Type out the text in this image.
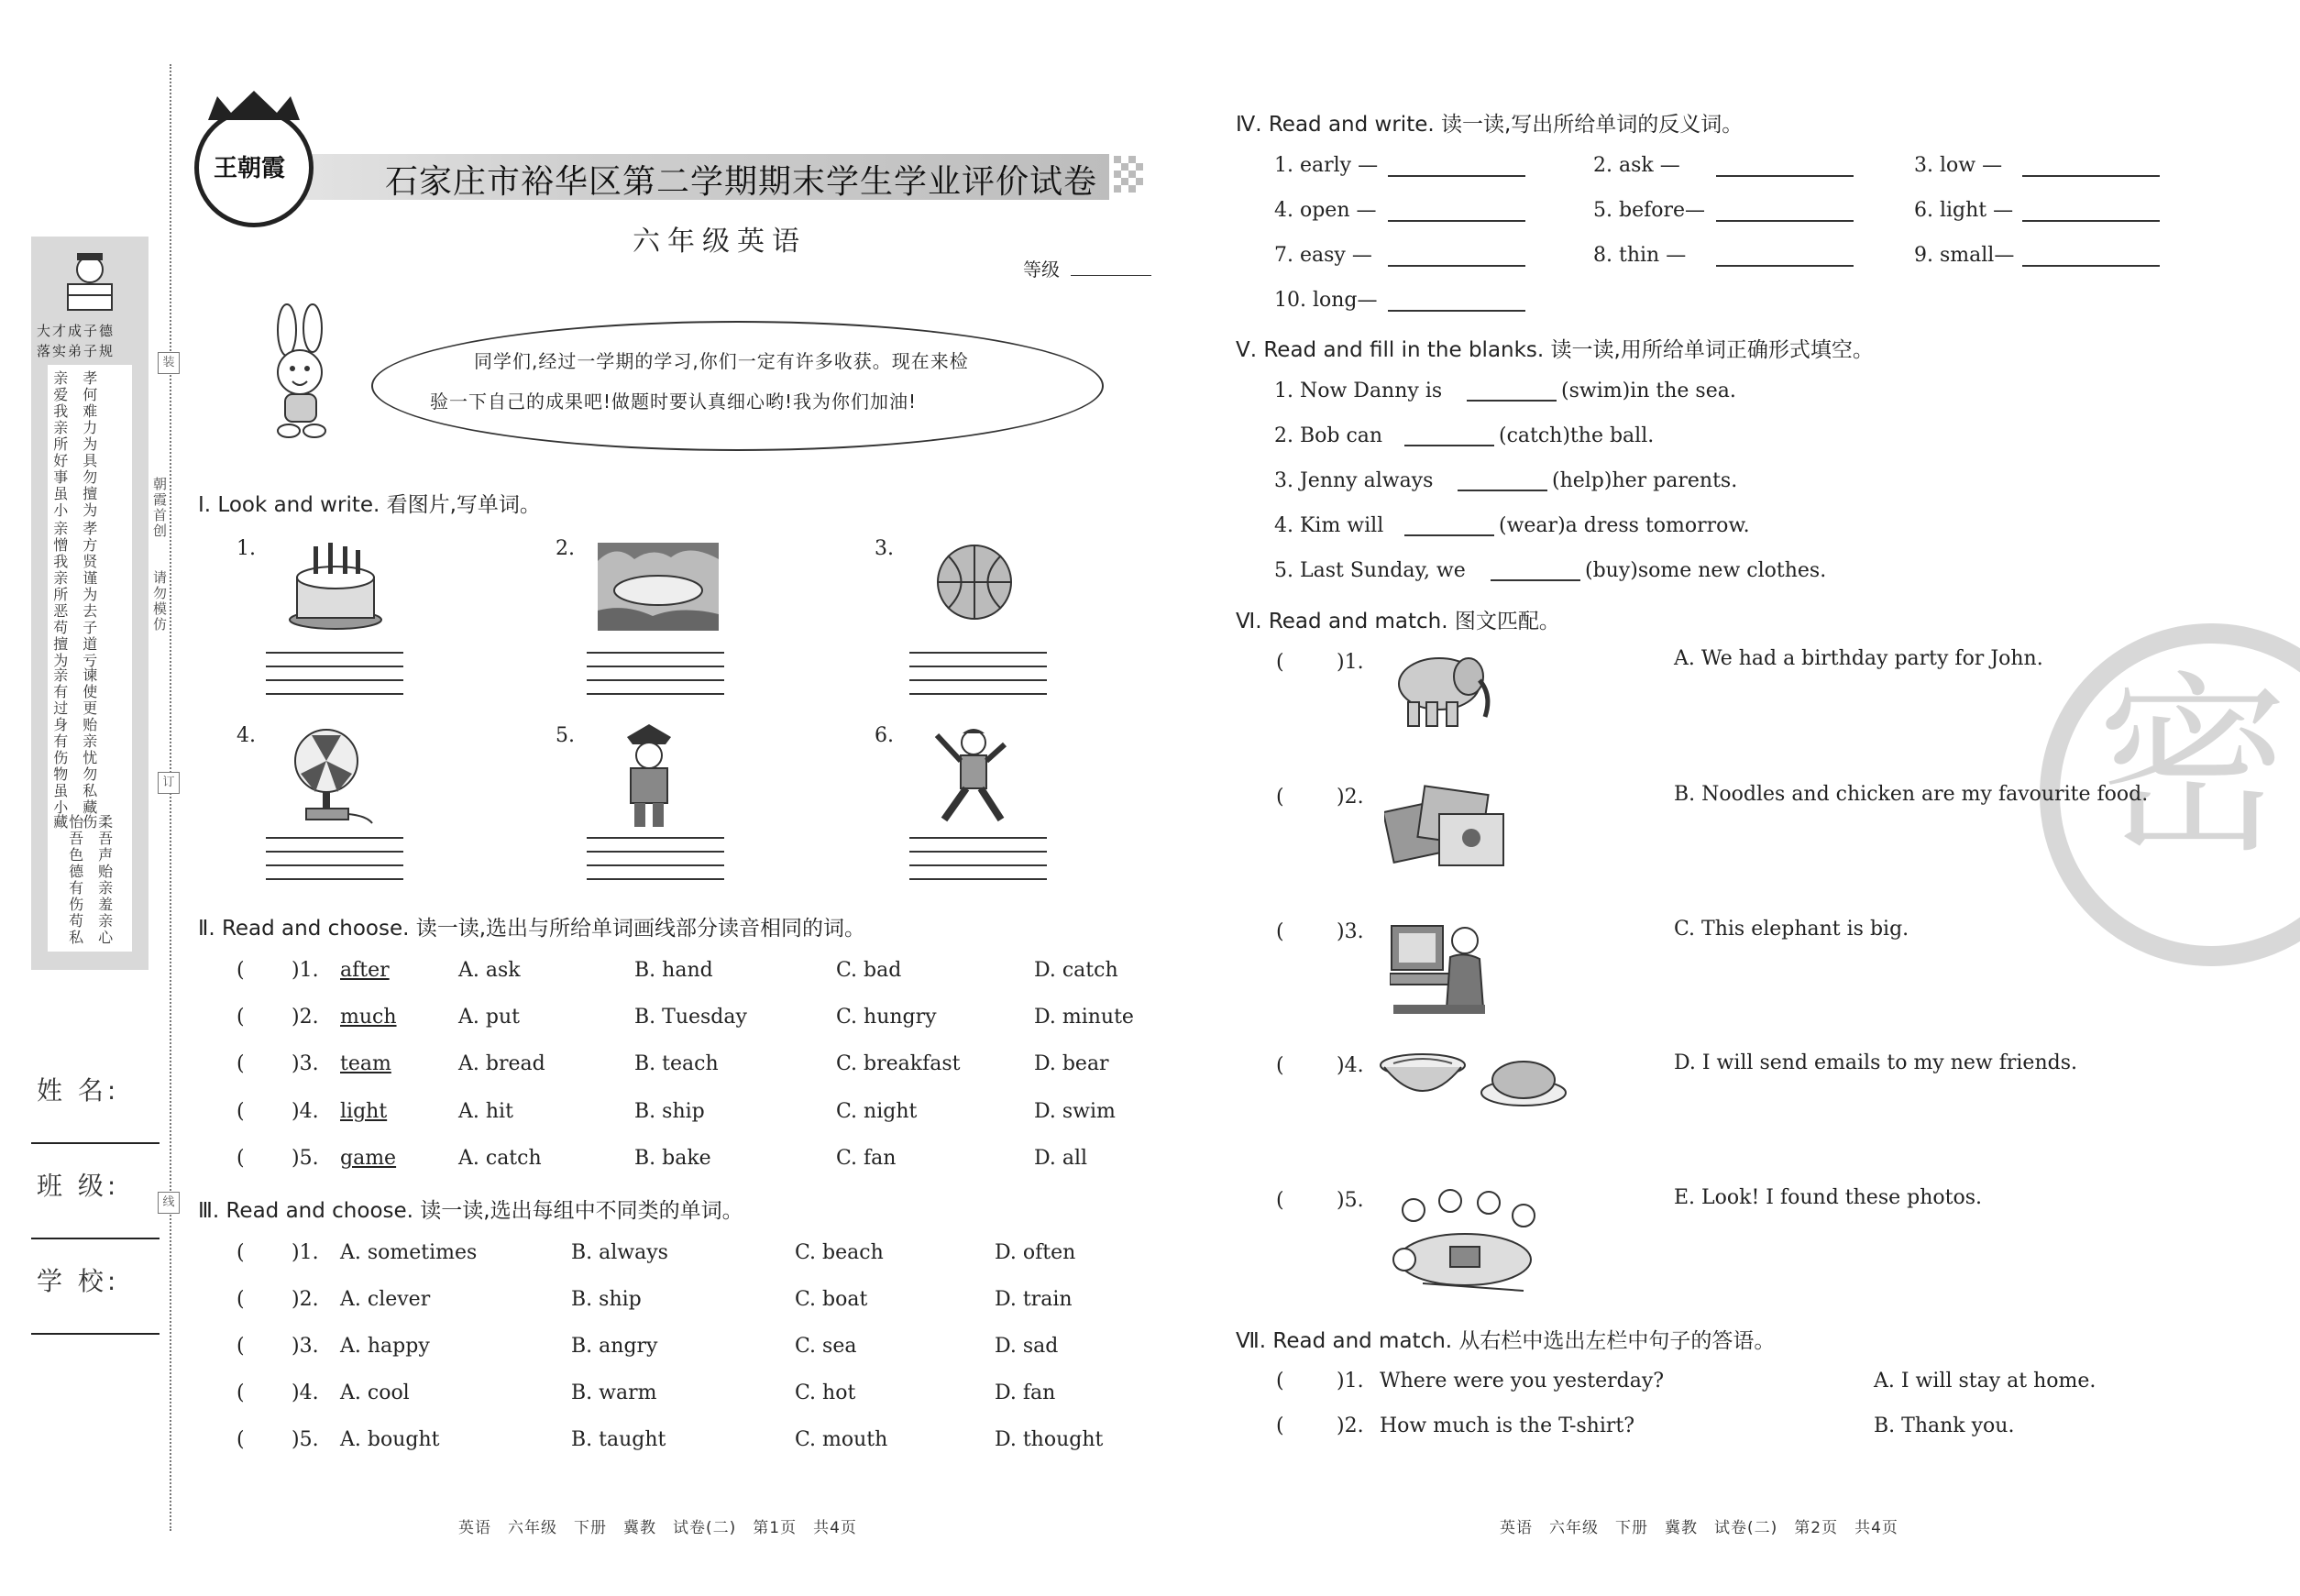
大才成子德
落实弟子规
亲爱我亲所好事虽小
亲憎我亲所恶苟擅为
亲有过身有伤物虽小
怡吾色德有伤苟私藏
孝何难力为具勿擅为
孝方贤谨为去子道亏
谏使更贻亲忧勿私藏
柔吾声贻亲羞亲心伤
装
订
线
朝霞首创
请勿模仿
姓 名:
班 级:
学 校:
王朝霞	石家庄市裕华区第二学期期末学生学业评价试卷
六年级英语
等级
同学们,经过一学期的学习,你们一定有许多收获。现在来检
验一下自己的成果吧!做题时要认真细心哟!我为你们加油!
Ⅰ. Look and write. 看图片,写单词。
1.	2.	3.
4.	5.	6.
Ⅱ. Read and choose. 读一读,选出与所给单词画线部分读音相同的词。
( )1. after	A. ask	B. hand	C. bad	D. catch
( )2. much	A. put	B. Tuesday	C. hungry	D. minute
( )3. team	A. bread	B. teach	C. breakfast	D. bear
( )4. light	A. hit	B. ship	C. night	D. swim
( )5. game	A. catch	B. bake	C. fan	D. all
Ⅲ. Read and choose. 读一读,选出每组中不同类的单词。
( )1. A. sometimes	B. always	C. beach	D. often
( )2. A. clever	B. ship	C. boat	D. train
( )3. A. happy	B. angry	C. sea	D. sad
( )4. A. cool	B. warm	C. hot	D. fan
( )5. A. bought	B. taught	C. mouth	D. thought
英语　六年级　下册　冀教　试卷(二)　第1页　共4页
密
Ⅳ. Read and write. 读一读,写出所给单词的反义词。
1. early —	2. ask —	3. low —
4. open —	5. before—	6. light —
7. easy —	8. thin —	9. small—
10. long—
Ⅴ. Read and fill in the blanks. 读一读,用所给单词正确形式填空。
1. Now Danny is	(swim)in the sea.
2. Bob can	(catch)the ball.
3. Jenny always	(help)her parents.
4. Kim will	(wear)a dress tomorrow.
5. Last Sunday, we	(buy)some new clothes.
Ⅵ. Read and match. 图文匹配。
(	)1.	A. We had a birthday party for John.
(	)2.	B. Noodles and chicken are my favourite food.
(	)3.	C. This elephant is big.
(	)4.	D. I will send emails to my new friends.
(	)5.	E. Look! I found these photos.
Ⅶ. Read and match. 从右栏中选出左栏中句子的答语。
(	)1. Where were you yesterday?	A. I will stay at home.
(	)2. How much is the T-shirt?	B. Thank you.
英语　六年级　下册　冀教　试卷(二)　第2页　共4页
